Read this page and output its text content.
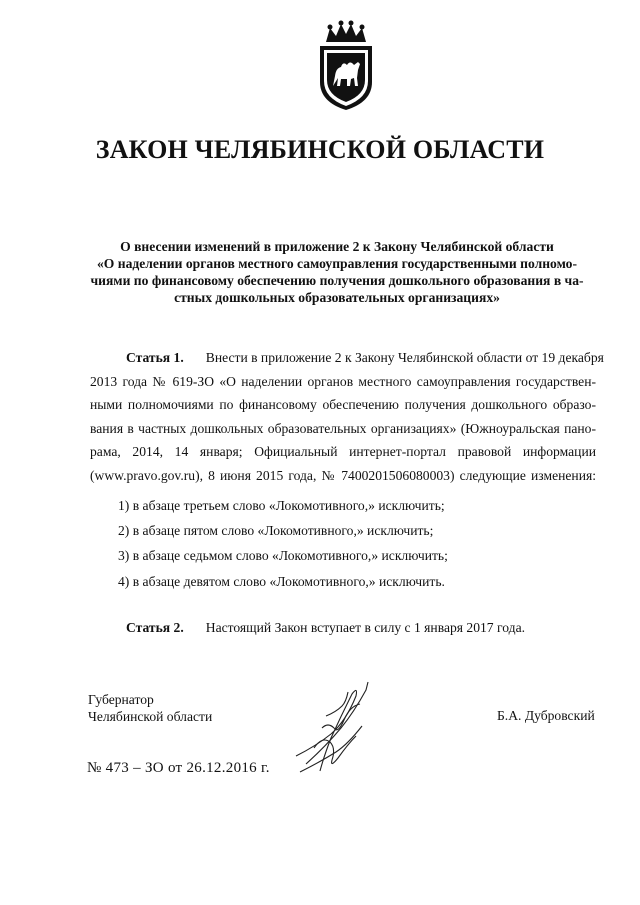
ЗАКОН ЧЕЛЯБИНСКОЙ ОБЛАСТИ
О внесении изменений в приложение 2 к Закону Челябинской области
«О наделении органов местного самоуправления государственными полномо-
чиями по финансовому обеспечению получения дошкольного образования в ча-
стных дошкольных образовательных организациях»
Статья 1. Внести в приложение 2 к Закону Челябинской области от 19 декабря
2013 года № 619-ЗО «О наделении органов местного самоуправления государствен-
ными полномочиями по финансовому обеспечению получения дошкольного образо-
вания в частных дошкольных образовательных организациях» (Южноуральская пано-
рама, 2014, 14 января; Официальный интернет-портал правовой информации
(www.pravo.gov.ru), 8 июня 2015 года, № 7400201506080003) следующие изменения:
1) в абзаце третьем слово «Локомотивного,» исключить;
2) в абзаце пятом слово «Локомотивного,» исключить;
3) в абзаце седьмом слово «Локомотивного,» исключить;
4) в абзаце девятом слово «Локомотивного,» исключить.
Статья 2. Настоящий Закон вступает в силу с 1 января 2017 года.
Губернатор
Челябинской области	Б.А. Дубровский
№ 473 – ЗО от 26.12.2016 г.
